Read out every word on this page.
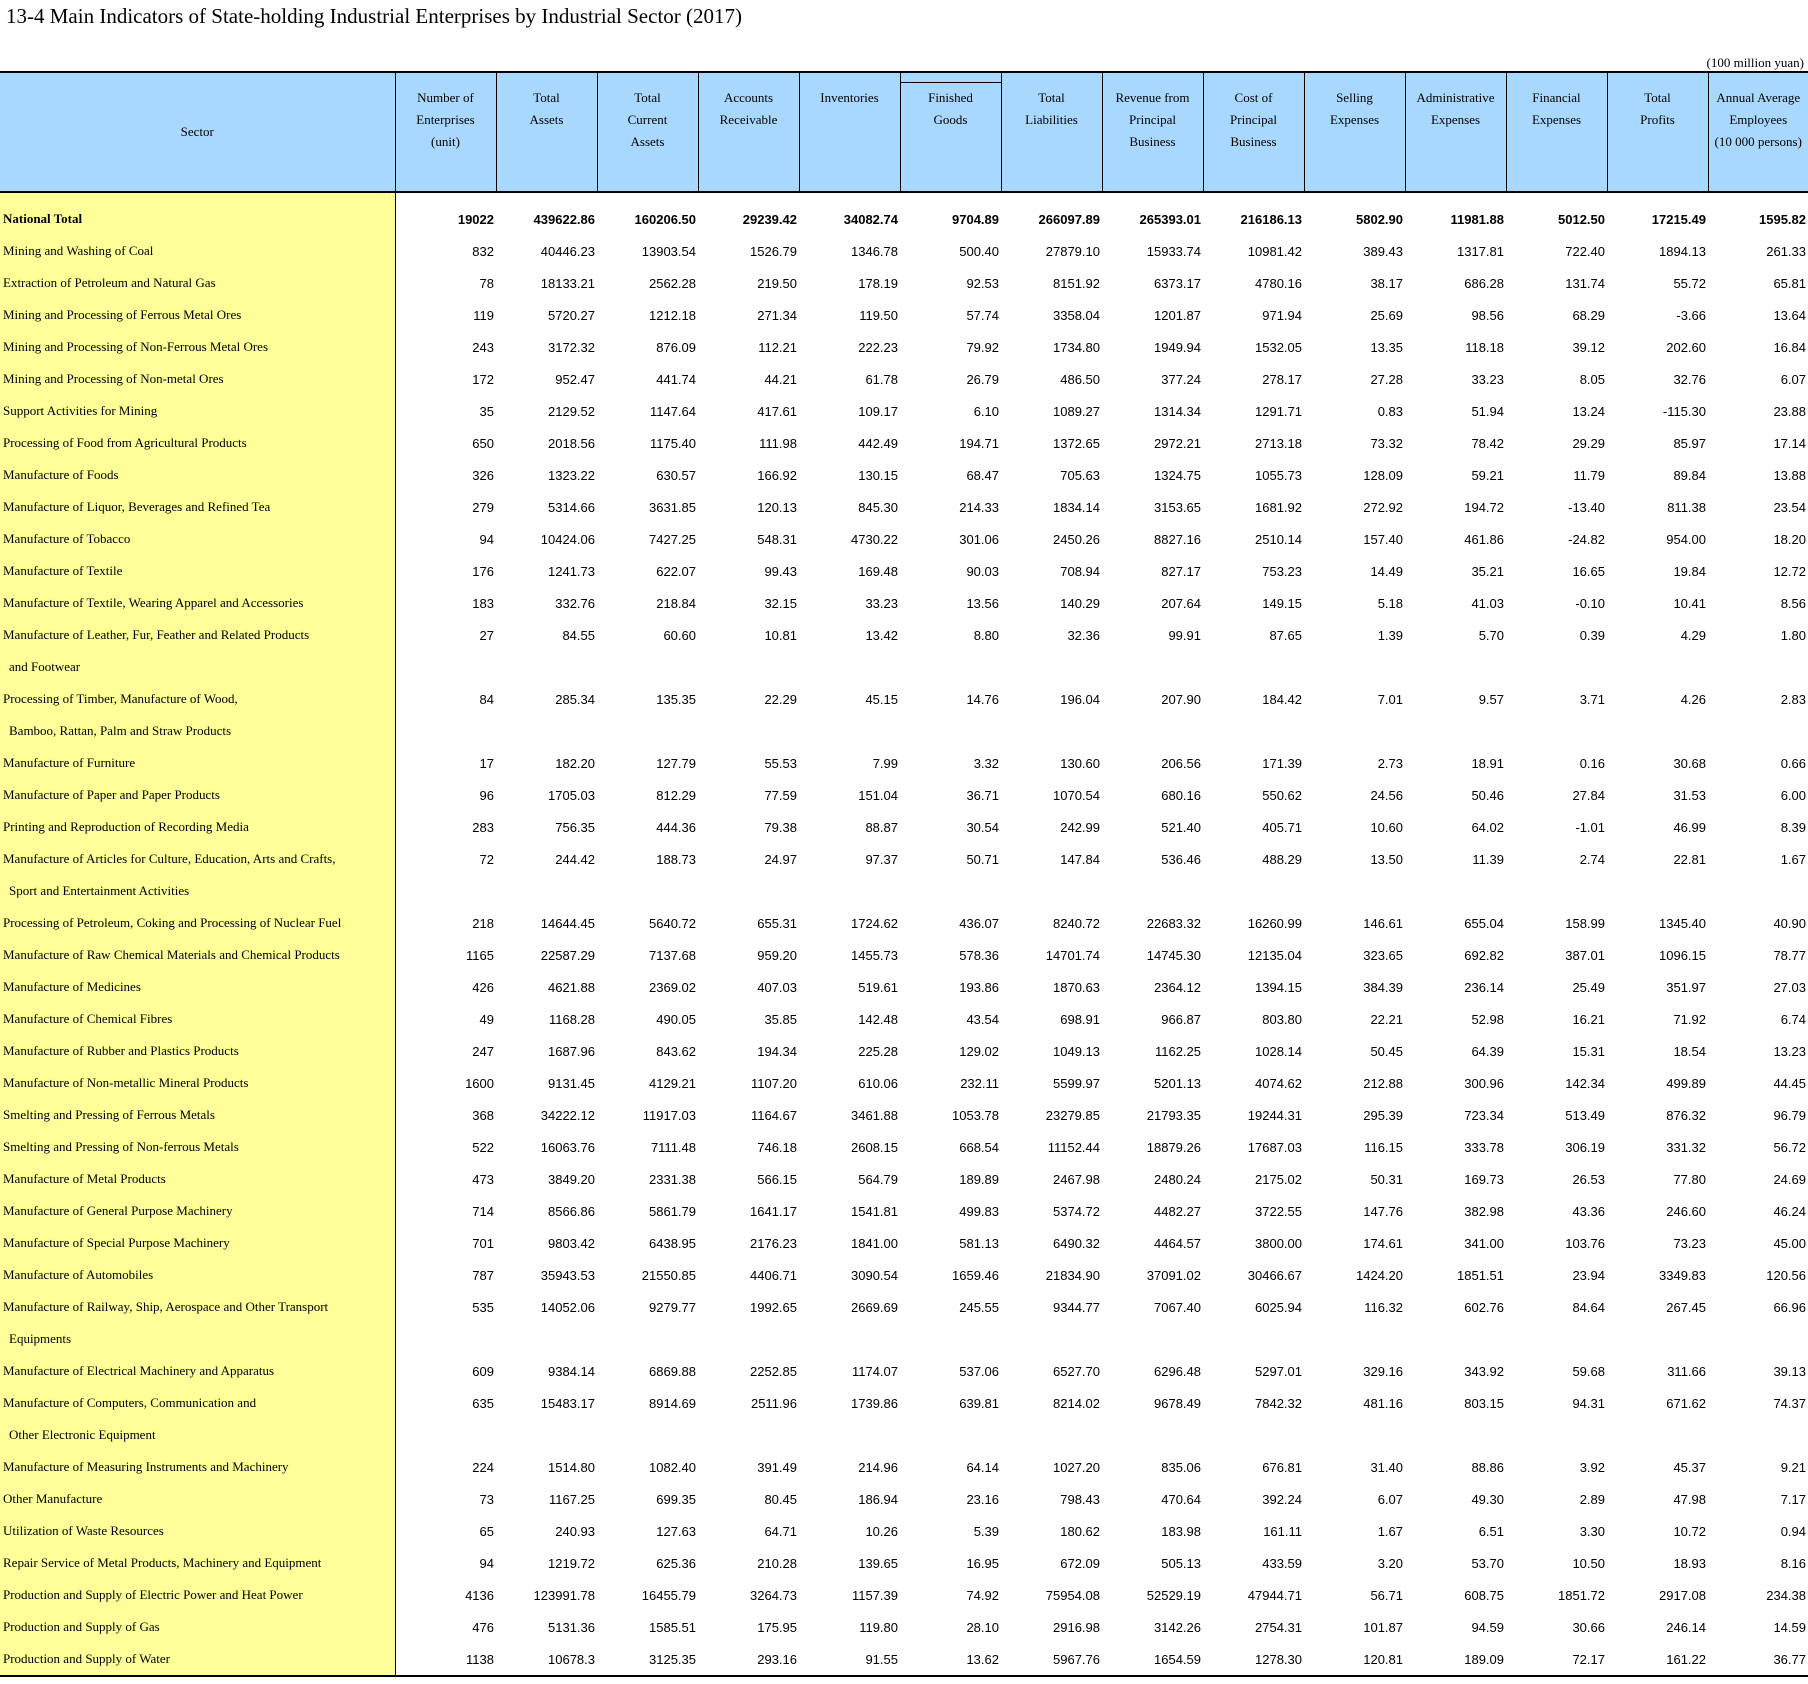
13-4 Main Indicators of State-holding Industrial Enterprises by Industrial Sector (2017)
(100 million yuan)
Sector	Number of
Enterprises
(unit)	Total
Assets	Total
Current
Assets	Accounts
Receivable	Inventories	Finished
Goods	Total
Liabilities	Revenue from
Principal
Business	Cost of
Principal
Business	Selling
Expenses	Administrative
Expenses	Financial
Expenses	Total
Profits	Annual Average
Employees
(10 000 persons)

National Total	19022	439622.86	160206.50	29239.42	34082.74	9704.89	266097.89	265393.01	216186.13	5802.90	11981.88	5012.50	17215.49	1595.82
Mining and Washing of Coal	832	40446.23	13903.54	1526.79	1346.78	500.40	27879.10	15933.74	10981.42	389.43	1317.81	722.40	1894.13	261.33
Extraction of Petroleum and Natural Gas	78	18133.21	2562.28	219.50	178.19	92.53	8151.92	6373.17	4780.16	38.17	686.28	131.74	55.72	65.81
Mining and Processing of Ferrous Metal Ores	119	5720.27	1212.18	271.34	119.50	57.74	3358.04	1201.87	971.94	25.69	98.56	68.29	-3.66	13.64
Mining and Processing of Non-Ferrous Metal Ores	243	3172.32	876.09	112.21	222.23	79.92	1734.80	1949.94	1532.05	13.35	118.18	39.12	202.60	16.84
Mining and Processing of Non-metal Ores	172	952.47	441.74	44.21	61.78	26.79	486.50	377.24	278.17	27.28	33.23	8.05	32.76	6.07
Support Activities for Mining	35	2129.52	1147.64	417.61	109.17	6.10	1089.27	1314.34	1291.71	0.83	51.94	13.24	-115.30	23.88
Processing of Food from Agricultural Products	650	2018.56	1175.40	111.98	442.49	194.71	1372.65	2972.21	2713.18	73.32	78.42	29.29	85.97	17.14
Manufacture of Foods	326	1323.22	630.57	166.92	130.15	68.47	705.63	1324.75	1055.73	128.09	59.21	11.79	89.84	13.88
Manufacture of Liquor, Beverages and Refined Tea	279	5314.66	3631.85	120.13	845.30	214.33	1834.14	3153.65	1681.92	272.92	194.72	-13.40	811.38	23.54
Manufacture of Tobacco	94	10424.06	7427.25	548.31	4730.22	301.06	2450.26	8827.16	2510.14	157.40	461.86	-24.82	954.00	18.20
Manufacture of Textile	176	1241.73	622.07	99.43	169.48	90.03	708.94	827.17	753.23	14.49	35.21	16.65	19.84	12.72
Manufacture of Textile, Wearing Apparel and Accessories	183	332.76	218.84	32.15	33.23	13.56	140.29	207.64	149.15	5.18	41.03	-0.10	10.41	8.56
Manufacture of Leather, Fur, Feather and Related Products	27	84.55	60.60	10.81	13.42	8.80	32.36	99.91	87.65	1.39	5.70	0.39	4.29	1.80
and Footwear														
Processing of Timber, Manufacture of Wood,	84	285.34	135.35	22.29	45.15	14.76	196.04	207.90	184.42	7.01	9.57	3.71	4.26	2.83
Bamboo, Rattan, Palm and Straw Products														
Manufacture of Furniture	17	182.20	127.79	55.53	7.99	3.32	130.60	206.56	171.39	2.73	18.91	0.16	30.68	0.66
Manufacture of Paper and Paper Products	96	1705.03	812.29	77.59	151.04	36.71	1070.54	680.16	550.62	24.56	50.46	27.84	31.53	6.00
Printing and Reproduction of Recording Media	283	756.35	444.36	79.38	88.87	30.54	242.99	521.40	405.71	10.60	64.02	-1.01	46.99	8.39
Manufacture of Articles for Culture, Education, Arts and Crafts,	72	244.42	188.73	24.97	97.37	50.71	147.84	536.46	488.29	13.50	11.39	2.74	22.81	1.67
Sport and Entertainment Activities														
Processing of Petroleum, Coking and Processing of Nuclear Fuel	218	14644.45	5640.72	655.31	1724.62	436.07	8240.72	22683.32	16260.99	146.61	655.04	158.99	1345.40	40.90
Manufacture of Raw Chemical Materials and Chemical Products	1165	22587.29	7137.68	959.20	1455.73	578.36	14701.74	14745.30	12135.04	323.65	692.82	387.01	1096.15	78.77
Manufacture of Medicines	426	4621.88	2369.02	407.03	519.61	193.86	1870.63	2364.12	1394.15	384.39	236.14	25.49	351.97	27.03
Manufacture of Chemical Fibres	49	1168.28	490.05	35.85	142.48	43.54	698.91	966.87	803.80	22.21	52.98	16.21	71.92	6.74
Manufacture of Rubber and Plastics Products	247	1687.96	843.62	194.34	225.28	129.02	1049.13	1162.25	1028.14	50.45	64.39	15.31	18.54	13.23
Manufacture of Non-metallic Mineral Products	1600	9131.45	4129.21	1107.20	610.06	232.11	5599.97	5201.13	4074.62	212.88	300.96	142.34	499.89	44.45
Smelting and Pressing of Ferrous Metals	368	34222.12	11917.03	1164.67	3461.88	1053.78	23279.85	21793.35	19244.31	295.39	723.34	513.49	876.32	96.79
Smelting and Pressing of Non-ferrous Metals	522	16063.76	7111.48	746.18	2608.15	668.54	11152.44	18879.26	17687.03	116.15	333.78	306.19	331.32	56.72
Manufacture of Metal Products	473	3849.20	2331.38	566.15	564.79	189.89	2467.98	2480.24	2175.02	50.31	169.73	26.53	77.80	24.69
Manufacture of General Purpose Machinery	714	8566.86	5861.79	1641.17	1541.81	499.83	5374.72	4482.27	3722.55	147.76	382.98	43.36	246.60	46.24
Manufacture of Special Purpose Machinery	701	9803.42	6438.95	2176.23	1841.00	581.13	6490.32	4464.57	3800.00	174.61	341.00	103.76	73.23	45.00
Manufacture of Automobiles	787	35943.53	21550.85	4406.71	3090.54	1659.46	21834.90	37091.02	30466.67	1424.20	1851.51	23.94	3349.83	120.56
Manufacture of Railway, Ship, Aerospace and Other Transport	535	14052.06	9279.77	1992.65	2669.69	245.55	9344.77	7067.40	6025.94	116.32	602.76	84.64	267.45	66.96
Equipments														
Manufacture of Electrical Machinery and Apparatus	609	9384.14	6869.88	2252.85	1174.07	537.06	6527.70	6296.48	5297.01	329.16	343.92	59.68	311.66	39.13
Manufacture of Computers, Communication and	635	15483.17	8914.69	2511.96	1739.86	639.81	8214.02	9678.49	7842.32	481.16	803.15	94.31	671.62	74.37
Other Electronic Equipment														
Manufacture of Measuring Instruments and Machinery	224	1514.80	1082.40	391.49	214.96	64.14	1027.20	835.06	676.81	31.40	88.86	3.92	45.37	9.21
Other Manufacture	73	1167.25	699.35	80.45	186.94	23.16	798.43	470.64	392.24	6.07	49.30	2.89	47.98	7.17
Utilization of Waste Resources	65	240.93	127.63	64.71	10.26	5.39	180.62	183.98	161.11	1.67	6.51	3.30	10.72	0.94
Repair Service of Metal Products, Machinery and Equipment	94	1219.72	625.36	210.28	139.65	16.95	672.09	505.13	433.59	3.20	53.70	10.50	18.93	8.16
Production and Supply of Electric Power and Heat Power	4136	123991.78	16455.79	3264.73	1157.39	74.92	75954.08	52529.19	47944.71	56.71	608.75	1851.72	2917.08	234.38
Production and Supply of Gas	476	5131.36	1585.51	175.95	119.80	28.10	2916.98	3142.26	2754.31	101.87	94.59	30.66	246.14	14.59
Production and Supply of Water	1138	10678.3	3125.35	293.16	91.55	13.62	5967.76	1654.59	1278.30	120.81	189.09	72.17	161.22	36.77
